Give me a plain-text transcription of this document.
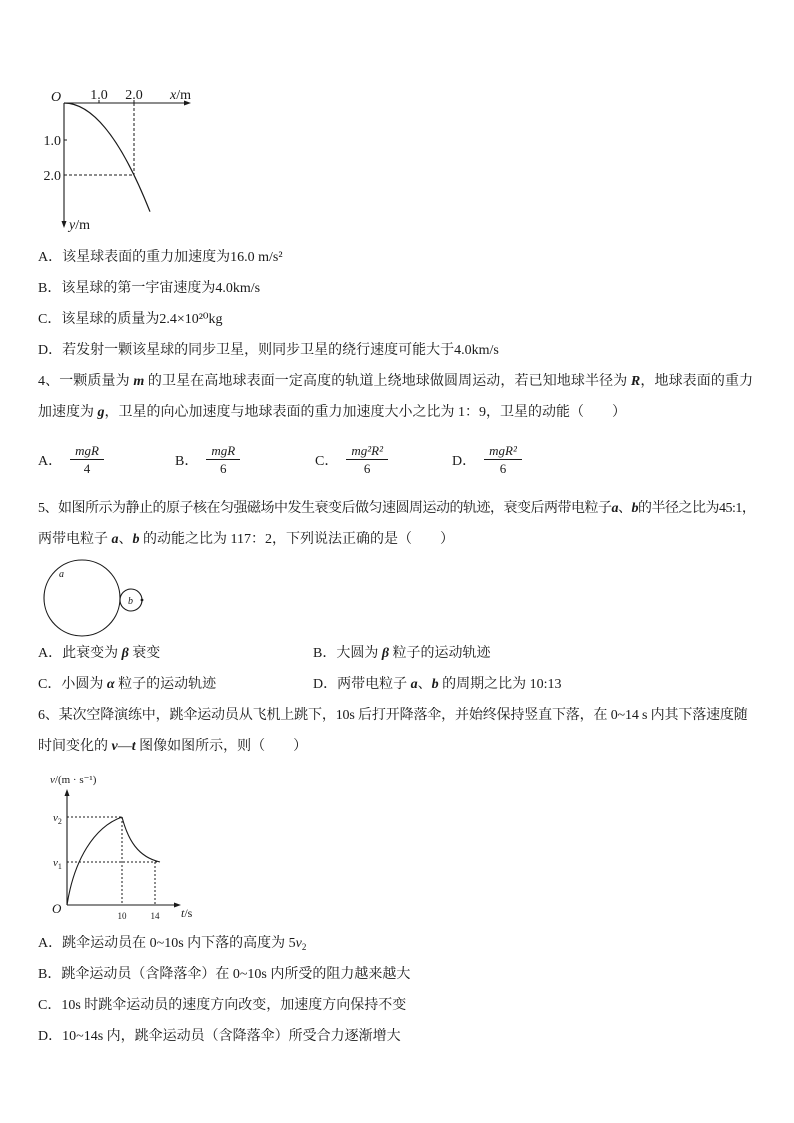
O 1.0 2.0 x/m
1.0
2.0
y/m
A．该星球表面的重力加速度为16.0 m/s²
B．该星球的第一宇宙速度为4.0km/s
C．该星球的质量为2.4×10²⁰kg
D．若发射一颗该星球的同步卫星，则同步卫星的绕行速度可能大于4.0km/s
4、一颗质量为 m 的卫星在高地球表面一定高度的轨道上绕地球做圆周运动，若已知地球半径为 R，地球表面的重力
加速度为 g，卫星的向心加速度与地球表面的重力加速度大小之比为 1：9，卫星的动能（　　）
A． $\frac{\text{mgR}}{4}$	B． $\frac{\text{mgR}}{6}$	C． $\frac{\text{mg²R²}}{6}$	D． $\frac{\text{mgR²}}{6}$
5、如图所示为静止的原子核在匀强磁场中发生衰变后做匀速圆周运动的轨迹，衰变后两带电粒子a、b的半径之比为45:1，
两带电粒子 a、b 的动能之比为 117：2，下列说法正确的是（　　）
a
b
A．此衰变为 β 衰变	B．大圆为 β 粒子的运动轨迹
C．小圆为 α 粒子的运动轨迹	D．两带电粒子 a、b 的周期之比为 10:13
6、某次空降演练中，跳伞运动员从飞机上跳下，10s 后打开降落伞，并始终保持竖直下落，在 0~14 s 内其下落速度随
时间变化的 v—t 图像如图所示，则（　　）
v/(m · s⁻¹)
$v_2$
$v_1$
O	10	14 t/s
A．跳伞运动员在 0~10s 内下落的高度为 $5v_2$
B．跳伞运动员（含降落伞）在 0~10s 内所受的阻力越来越大
C．10s 时跳伞运动员的速度方向改变，加速度方向保持不变
D．10~14s 内，跳伞运动员（含降落伞）所受合力逐渐增大
